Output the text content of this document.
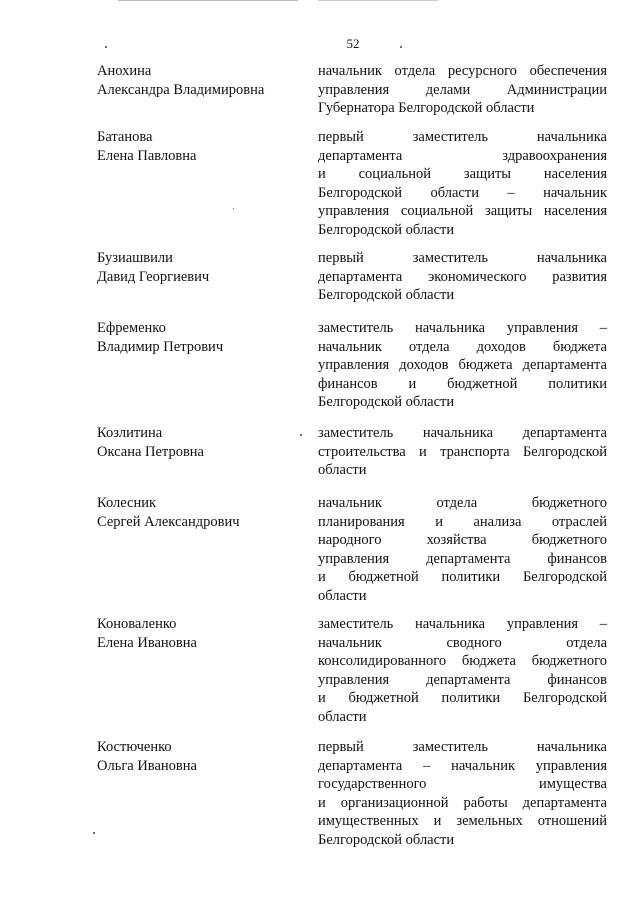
52
Анохина
Александра Владимировна
начальник отдела ресурсного обеспечения
управления делами Администрации
Губернатора Белгородской области
Батанова
Елена Павловна
первый заместитель начальника
департамента здравоохранения
и социальной защиты населения
Белгородской области – начальник
управления социальной защиты населения
Белгородской области
Бузиашвили
Давид Георгиевич
первый заместитель начальника
департамента экономического развития
Белгородской области
Ефременко
Владимир Петрович
заместитель начальника управления –
начальник отдела доходов бюджета
управления доходов бюджета департамента
финансов и бюджетной политики
Белгородской области
Козлитина
Оксана Петровна
заместитель начальника департамента
строительства и транспорта Белгородской
области
Колесник
Сергей Александрович
начальник отдела бюджетного
планирования и анализа отраслей
народного хозяйства бюджетного
управления департамента финансов
и бюджетной политики Белгородской
области
Коноваленко
Елена Ивановна
заместитель начальника управления –
начальник сводного отдела
консолидированного бюджета бюджетного
управления департамента финансов
и бюджетной политики Белгородской
области
Костюченко
Ольга Ивановна
первый заместитель начальника
департамента – начальник управления
государственного имущества
и организационной работы департамента
имущественных и земельных отношений
Белгородской области
